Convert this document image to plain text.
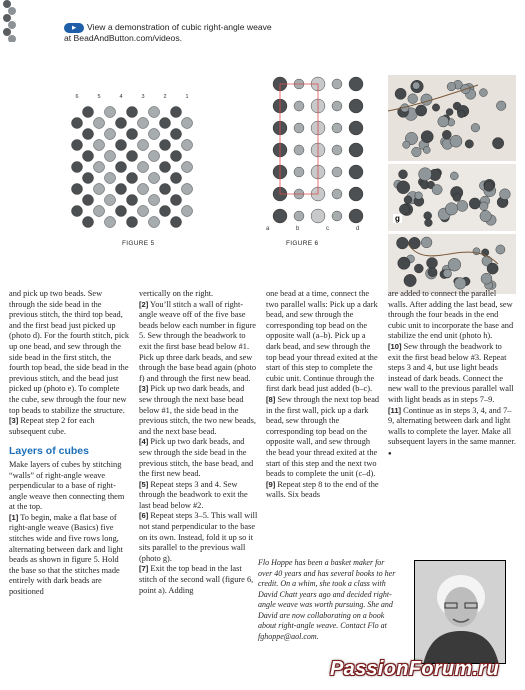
▶ View a demonstration of cubic right-angle weave
at BeadAndButton.com/videos.
6	5	4	3	2	1
FIGURE 5
a	b	c	d
FIGURE 6
g

and pick up two beads. Sew through the side bead in the previous stitch, the third top bead, and the first bead just picked up (photo d). For the fourth stitch, pick up one bead, and sew through the side bead in the first stitch, the fourth top bead, the side bead in the previous stitch, and the bead just picked up (photo e). To complete the cube, sew through the four new top beads to stabilize the structure.

[3] Repeat step 2 for each subsequent cube.

Layers of cubes

Make layers of cubes by stitching “walls” of right-angle weave perpendicular to a base of right-angle weave then connecting them at the top.

[1] To begin, make a flat base of right-angle weave (Basics) five stitches wide and five rows long, alternating between dark and light beads as shown in figure 5. Hold the base so that the stitches made entirely with dark beads are positioned

vertically on the right.

[2] You’ll stitch a wall of right-angle weave off of the five base beads below each number in figure 5. Sew through the beadwork to exit the first base bead below #1. Pick up three dark beads, and sew through the base bead again (photo f) and through the first new bead.

[3] Pick up two dark beads, and sew through the next base bead below #1, the side bead in the previous stitch, the two new beads, and the next base bead.

[4] Pick up two dark beads, and sew through the side bead in the previous stitch, the base bead, and the first new bead.

[5] Repeat steps 3 and 4. Sew through the beadwork to exit the last bead below #2.

[6] Repeat steps 3–5. This wall will not stand perpendicular to the base on its own. Instead, fold it up so it sits parallel to the previous wall (photo g).

[7] Exit the top bead in the last stitch of the second wall (figure 6, point a). Adding

one bead at a time, connect the two parallel walls: Pick up a dark bead, and sew through the corresponding top bead on the opposite wall (a–b). Pick up a dark bead, and sew through the top bead your thread exited at the start of this step to complete the cubic unit. Continue through the first dark bead just added (b–c).

[8] Sew through the next top bead in the first wall, pick up a dark bead, sew through the corresponding top bead on the opposite wall, and sew through the bead your thread exited at the start of this step and the next two beads to complete the unit (c–d).

[9] Repeat step 8 to the end of the walls. Six beads

are added to connect the parallel walls. After adding the last bead, sew through the four beads in the end cubic unit to incorporate the base and stabilize the end unit (photo h).

[10] Sew through the beadwork to exit the first bead below #3. Repeat steps 3 and 4, but use light beads instead of dark beads. Connect the new wall to the previous parallel wall with light beads as in steps 7–9.

[11] Continue as in steps 3, 4, and 7–9, alternating between dark and light walls to complete the layer. Make all subsequent layers in the same manner. ●

Flo Hoppe has been a basket maker for over 40 years and has several books to her credit. On a whim, she took a class with David Chatt years ago and decided right-angle weave was worth pursuing. She and David are now collaborating on a book about right-angle weave. Contact Flo at fghoppe@aol.com.

PassionForum.ru
